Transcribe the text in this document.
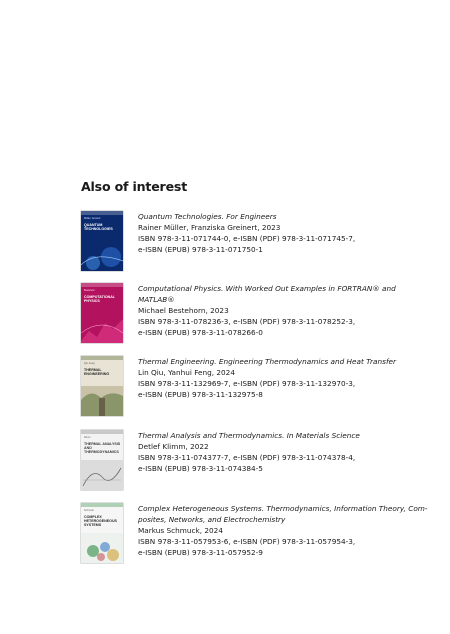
Also of interest
Müller, Greinert
QUANTUM TECHNOLOGIES
Quantum Technologies. For Engineers
Rainer Müller, Franziska Greinert, 2023
ISBN 978-3-11-071744-0, e-ISBN (PDF) 978-3-11-071745-7,
e-ISBN (EPUB) 978-3-11-071750-1
Bestehorn
COMPUTATIONAL PHYSICS
Computational Physics. With Worked Out Examples in FORTRAN® and
MATLAB®
Michael Bestehorn, 2023
ISBN 978-3-11-078236-3, e-ISBN (PDF) 978-3-11-078252-3,
e-ISBN (EPUB) 978-3-11-078266-0
Qiu, Feng
THERMAL ENGINEERING
Thermal Engineering. Engineering Thermodynamics and Heat Transfer
Lin Qiu, Yanhui Feng, 2024
ISBN 978-3-11-132969-7, e-ISBN (PDF) 978-3-11-132970-3,
e-ISBN (EPUB) 978-3-11-132975-8
Klimm
THERMAL ANALYSIS AND THERMODYNAMICS
Thermal Analysis and Thermodynamics. In Materials Science
Detlef Klimm, 2022
ISBN 978-3-11-074377-7, e-ISBN (PDF) 978-3-11-074378-4,
e-ISBN (EPUB) 978-3-11-074384-5
Schmuck
COMPLEX HETEROGENEOUS SYSTEMS
Complex Heterogeneous Systems. Thermodynamics, Information Theory, Com-
posites, Networks, and Electrochemistry
Markus Schmuck, 2024
ISBN 978-3-11-057953-6, e-ISBN (PDF) 978-3-11-057954-3,
e-ISBN (EPUB) 978-3-11-057952-9
